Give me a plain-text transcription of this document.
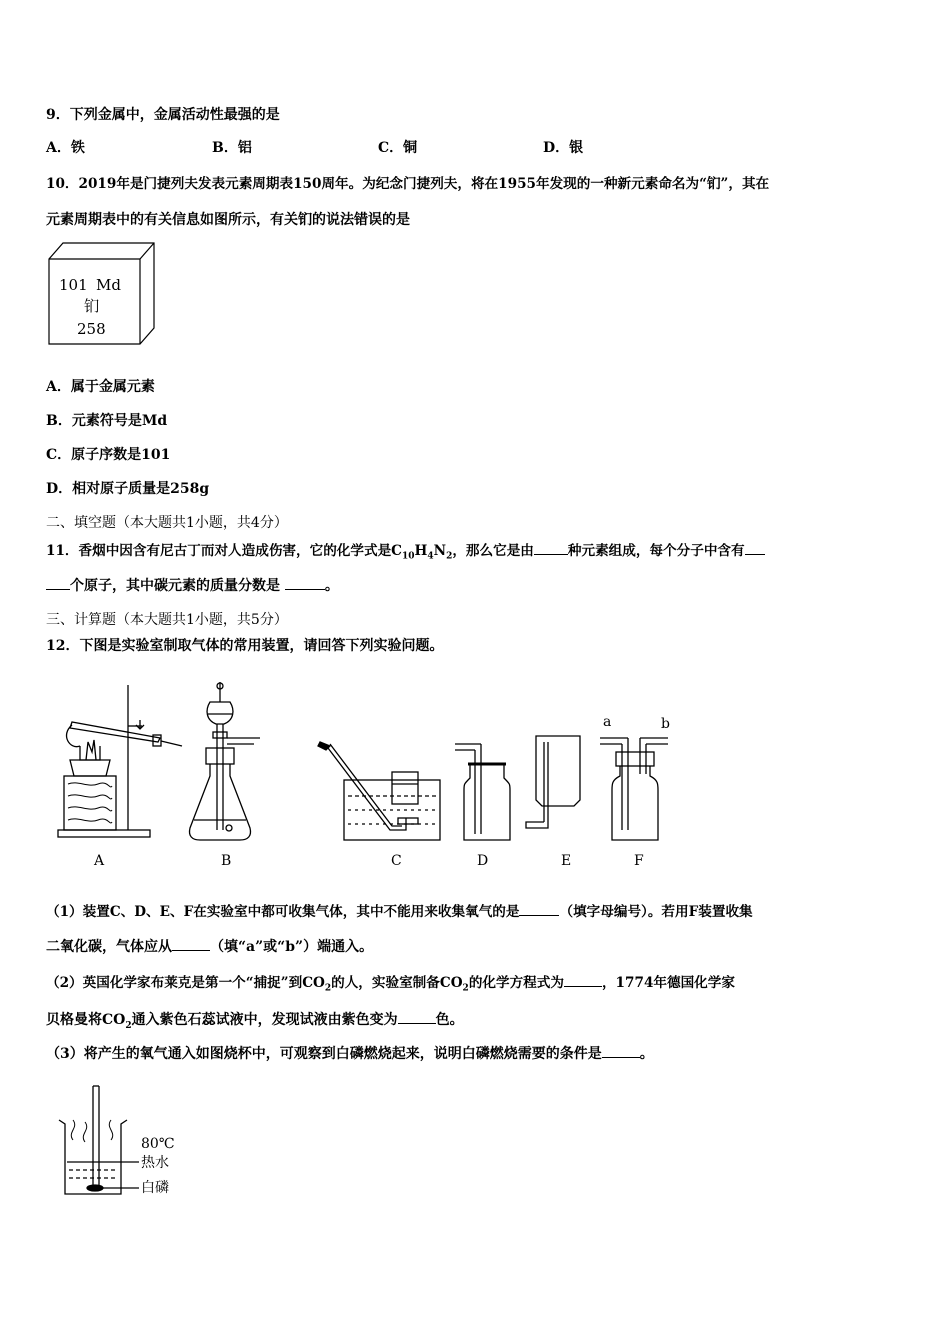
9．下列金属中，金属活动性最强的是
A．铁	B．铝	C．铜	D．银
10．2019年是门捷列夫发表元素周期表150周年。为纪念门捷列夫，将在1955年发现的一种新元素命名为“钔”，其在
元素周期表中的有关信息如图所示，有关钔的说法错误的是
101 Md
钔
258
A．属于金属元素
B．元素符号是Md
C．原子序数是101
D．相对原子质量是258g
二、填空题（本大题共1小题，共4分）
11．香烟中因含有尼古丁而对人造成伤害，它的化学式是$C_{10}H_4N_2$，那么它是由	种元素组成，每个分子中含有
个原子，其中碳元素的质量分数是	。
三、计算题（本大题共1小题，共5分）
12．下图是实验室制取气体的常用装置，请回答下列实验问题。
A	B	C	D	E
a	b
F
（1）装置C、D、E、F在实验室中都可收集气体，其中不能用来收集氧气的是	（填字母编号）。若用F装置收集
二氧化碳，气体应从	（填“a”或“b”）端通入。
（2）英国化学家布莱克是第一个“捕捉”到$CO_2$的人，实验室制备$CO_2$的化学方程式为	，1774年德国化学家
贝格曼将$CO_2$通入紫色石蕊试液中，发现试液由紫色变为	色。
（3）将产生的氧气通入如图烧杯中，可观察到白磷燃烧起来，说明白磷燃烧需要的条件是	。
80℃
热水
白磷
